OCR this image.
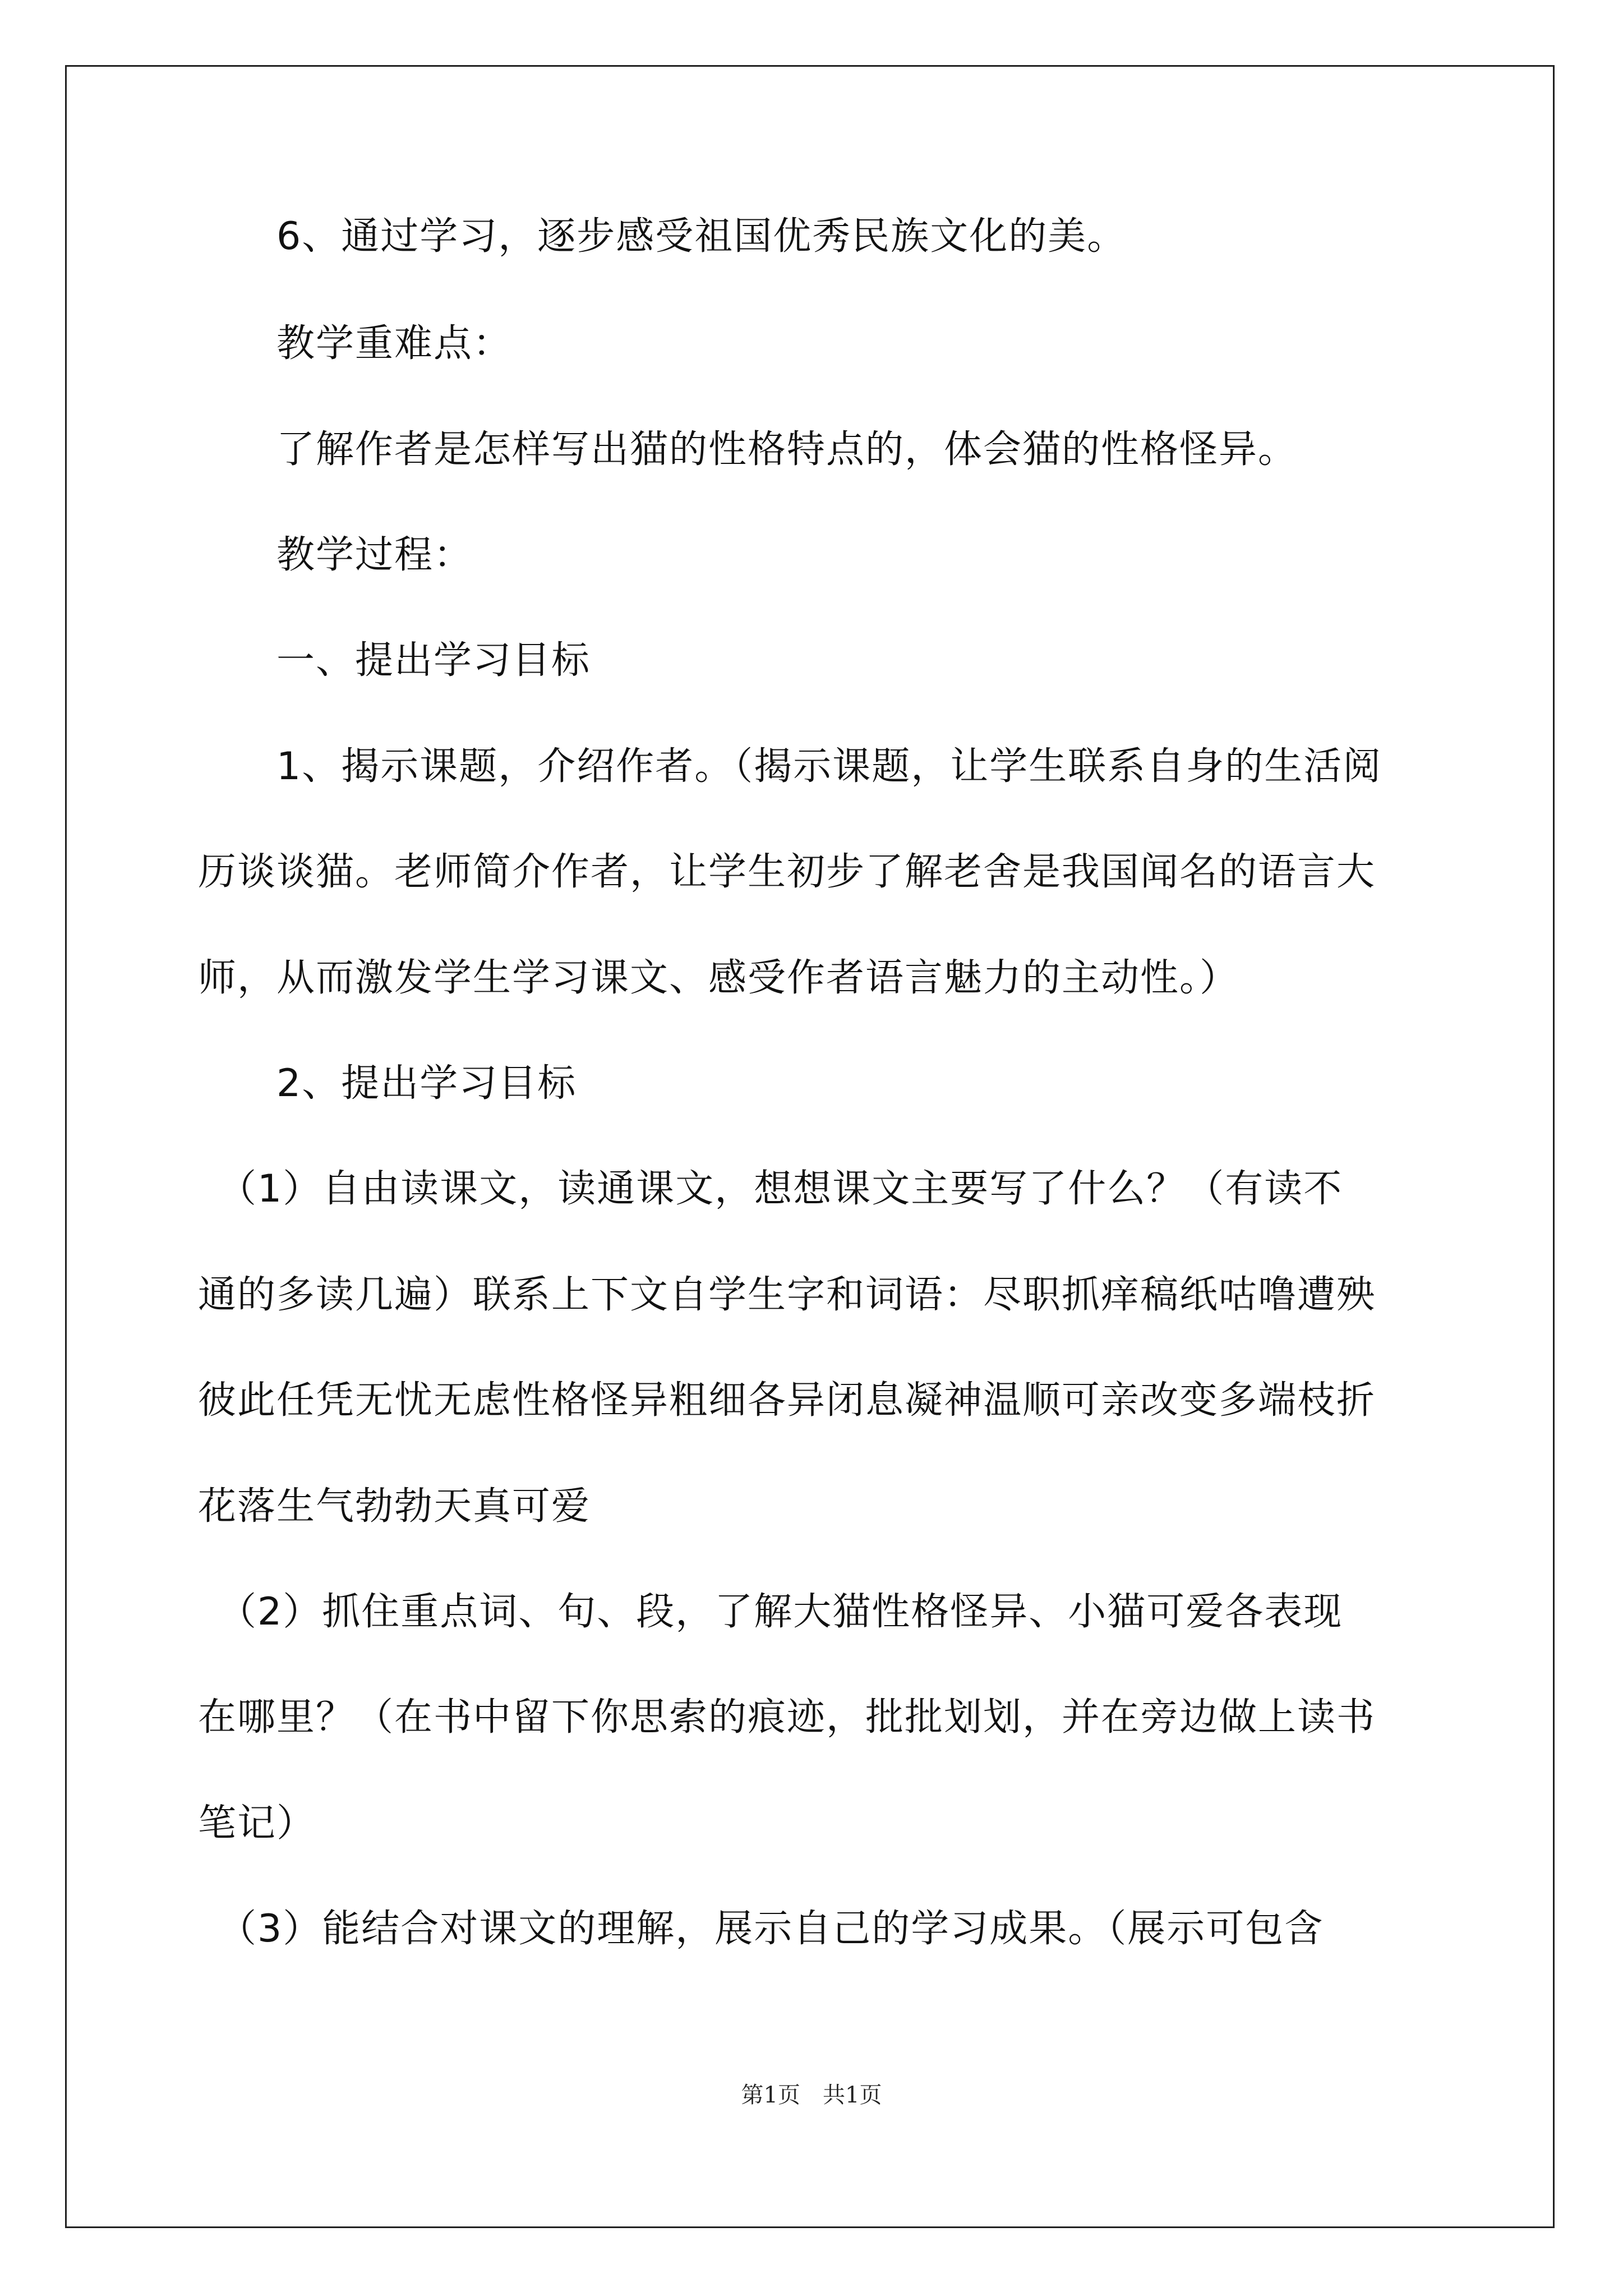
　　6、通过学习，逐步感受祖国优秀民族文化的美。
　　教学重难点：
　　了解作者是怎样写出猫的性格特点的，体会猫的性格怪异。
　　教学过程：
　　一、提出学习目标
　　1、揭示课题，介绍作者。（揭示课题，让学生联系自身的生活阅
历谈谈猫。老师简介作者，让学生初步了解老舍是我国闻名的语言大
师，从而激发学生学习课文、感受作者语言魅力的主动性。）
　　2、提出学习目标
　（1）自由读课文，读通课文，想想课文主要写了什么？（有读不
通的多读几遍）联系上下文自学生字和词语：尽职抓痒稿纸咕噜遭殃
彼此任凭无忧无虑性格怪异粗细各异闭息凝神温顺可亲改变多端枝折
花落生气勃勃天真可爱
　（2）抓住重点词、句、段，了解大猫性格怪异、小猫可爱各表现
在哪里？（在书中留下你思索的痕迹，批批划划，并在旁边做上读书
笔记）
　（3）能结合对课文的理解，展示自己的学习成果。（展示可包含
第1页　共1页
